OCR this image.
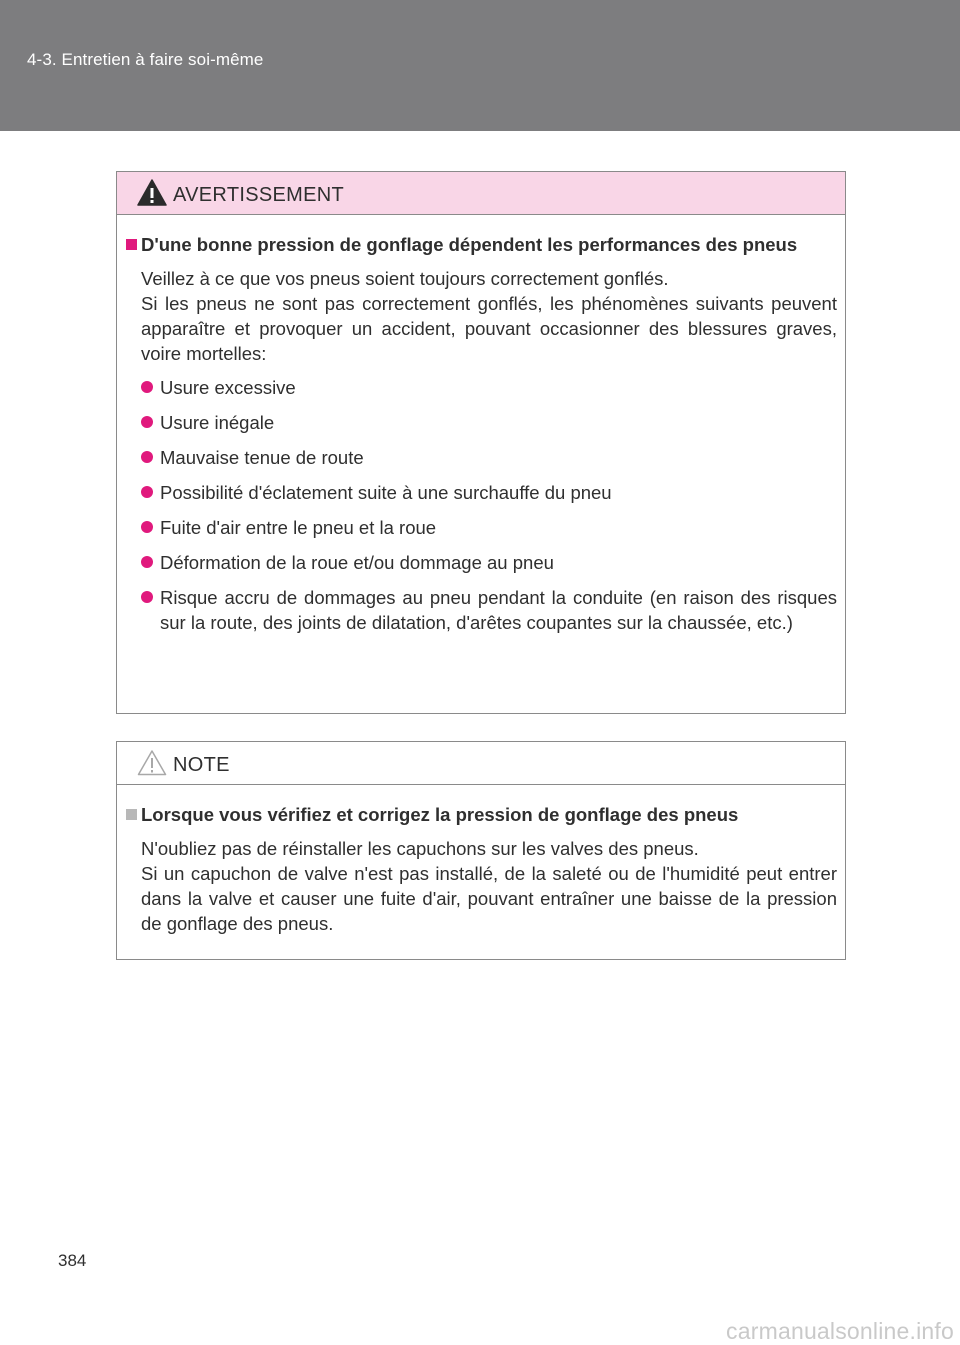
4-3. Entretien à faire soi-même
AVERTISSEMENT
D'une bonne pression de gonflage dépendent les performances des pneus
Veillez à ce que vos pneus soient toujours correctement gonflés.
Si les pneus ne sont pas correctement gonflés, les phénomènes suivants peuvent apparaître et provoquer un accident, pouvant occasionner des blessures graves, voire mortelles:
Usure excessive
Usure inégale
Mauvaise tenue de route
Possibilité d'éclatement suite à une surchauffe du pneu
Fuite d'air entre le pneu et la roue
Déformation de la roue et/ou dommage au pneu
Risque accru de dommages au pneu pendant la conduite (en raison des risques sur la route, des joints de dilatation, d'arêtes coupantes sur la chaussée, etc.)
NOTE
Lorsque vous vérifiez et corrigez la pression de gonflage des pneus
N'oubliez pas de réinstaller les capuchons sur les valves des pneus.
Si un capuchon de valve n'est pas installé, de la saleté ou de l'humidité peut entrer dans la valve et causer une fuite d'air, pouvant entraîner une baisse de la pression de gonflage des pneus.
384
carmanualsonline.info
